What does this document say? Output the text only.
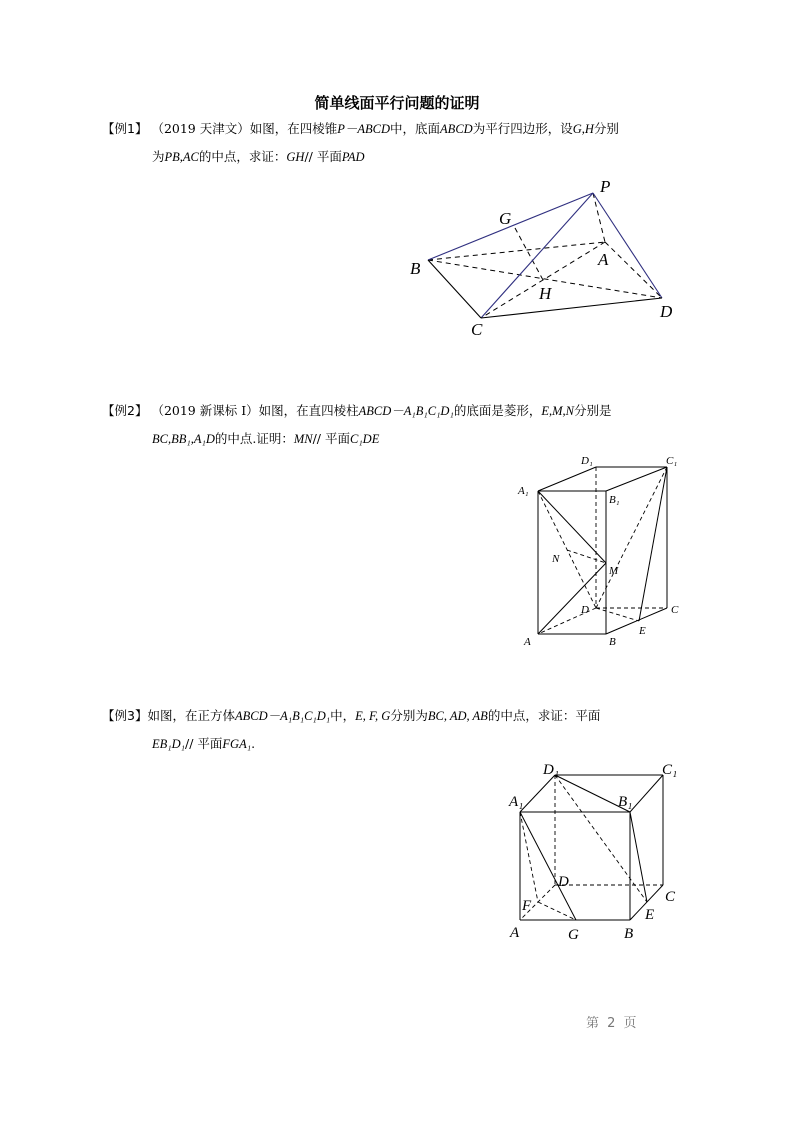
简单线面平行问题的证明
【例1】 （2019 天津文）如图，在四棱锥P－ABCD中，底面ABCD为平行四边形，设G,H分别
为PB,AC的中点，求证：GH// 平面PAD
P
G
A
B
H
C
D
【例2】 （2019 新课标 I）如图，在直四棱柱ABCD－A₁B₁C₁D₁的底面是菱形，E,M,N分别是
BC,BB₁,A₁D的中点.证明：MN// 平面C₁DE
D₁	C₁
A₁
B₁
N
M
D	C
A	B
E
【例3】如图，在正方体ABCD－A₁B₁C₁D₁中，E, F, G分别为BC, AD, AB的中点，求证：平面
EB₁D₁// 平面FGA₁.
D₁	C₁
A₁	B₁
D
C
F
E
A	G	B
第 2 页
